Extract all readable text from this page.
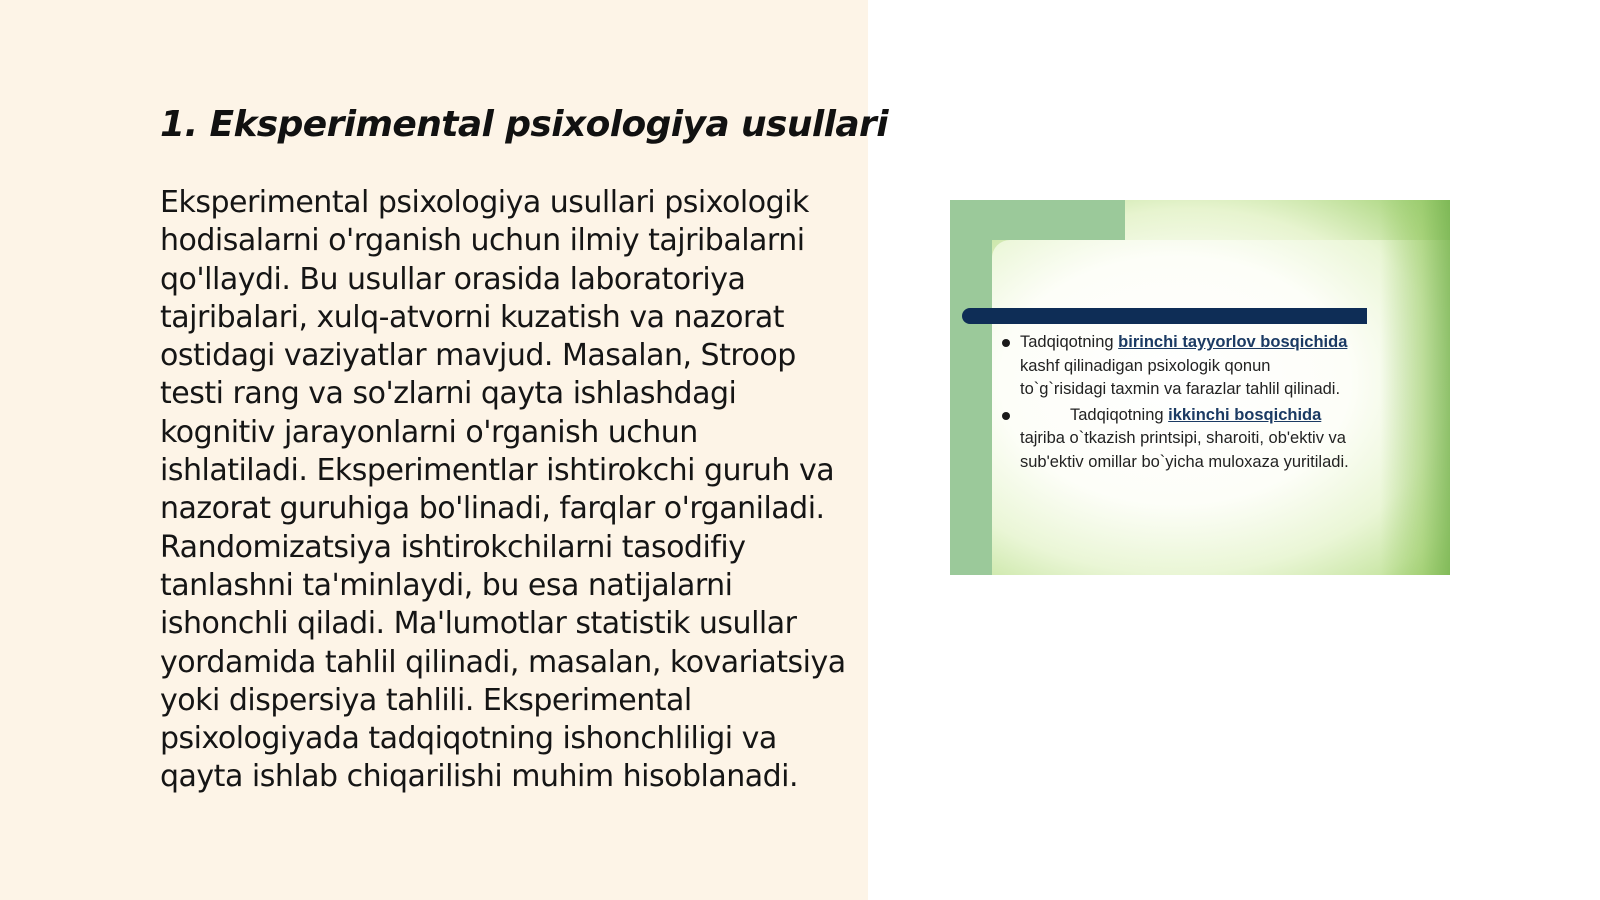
1. Eksperimental psixologiya usullari

Eksperimental psixologiya usullari psixologik hodisalarni o'rganish uchun ilmiy tajribalarni qo'llaydi. Bu usullar orasida laboratoriya tajribalari, xulq-atvorni kuzatish va nazorat ostidagi vaziyatlar mavjud. Masalan, Stroop testi rang va so'zlarni qayta ishlashdagi kognitiv jarayonlarni o'rganish uchun ishlatiladi. Eksperimentlar ishtirokchi guruh va nazorat guruhiga bo'linadi, farqlar o'rganiladi. Randomizatsiya ishtirokchilarni tasodifiy tanlashni ta'minlaydi, bu esa natijalarni ishonchli qiladi. Ma'lumotlar statistik usullar yordamida tahlil qilinadi, masalan, kovariatsiya yoki dispersiya tahlili. Eksperimental psixologiyada tadqiqotning ishonchliligi va qayta ishlab chiqarilishi muhim hisoblanadi.

Tadqiqotning birinchi tayyorlov bosqichida
kashf qilinadigan psixologik qonun
to`g`risidagi taxmin va farazlar tahlil qilinadi.
Tadqiqotning ikkinchi bosqichida
tajriba o`tkazish printsipi, sharoiti, ob'ektiv va
sub'ektiv omillar bo`yicha muloxaza yuritiladi.
